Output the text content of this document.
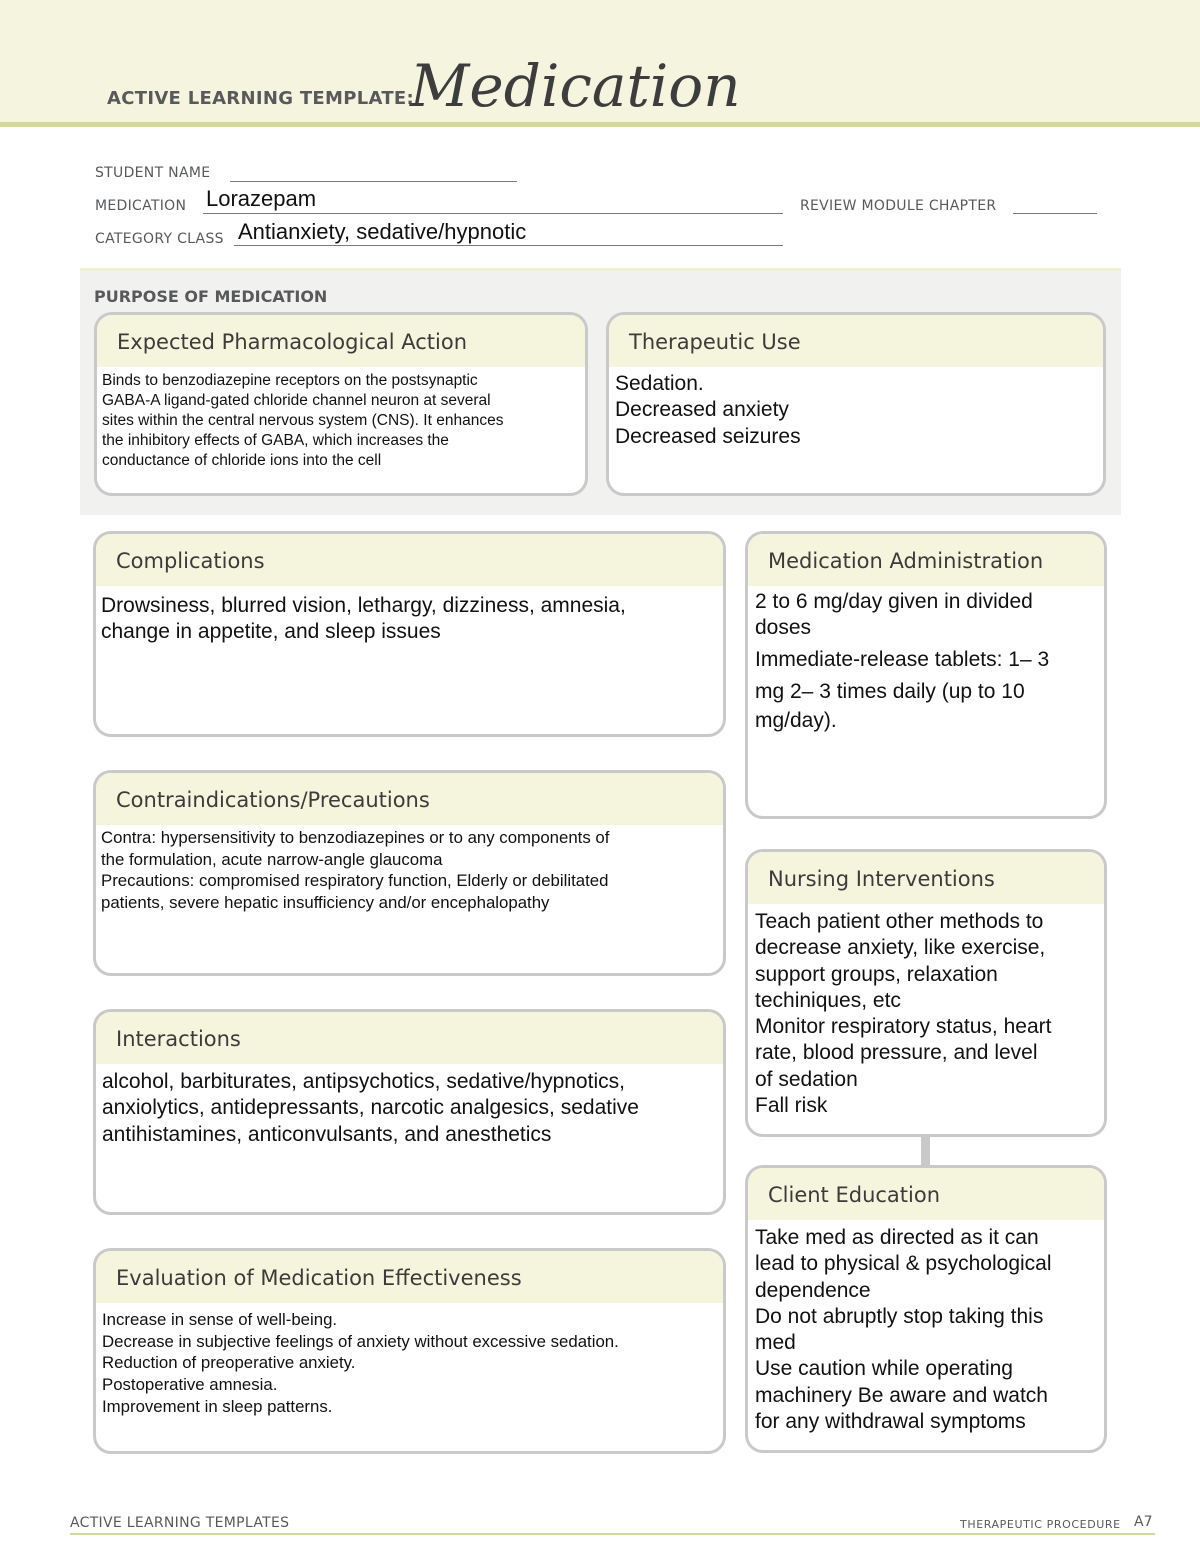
ACTIVE LEARNING TEMPLATE:
Medication
STUDENT NAME
MEDICATION Lorazepam	REVIEW MODULE CHAPTER
CATEGORY CLASS Antianxiety, sedative/hypnotic
PURPOSE OF MEDICATION
Expected Pharmacological Action
Binds to benzodiazepine receptors on the postsynaptic
GABA-A ligand-gated chloride channel neuron at several
sites within the central nervous system (CNS). It enhances
the inhibitory effects of GABA, which increases the
conductance of chloride ions into the cell
Therapeutic Use
Sedation.
Decreased anxiety
Decreased seizures
Complications
Drowsiness, blurred vision, lethargy, dizziness, amnesia,
change in appetite, and sleep issues
Medication Administration
2 to 6 mg/day given in divided
doses
Immediate-release tablets: 1– 3
mg 2– 3 times daily (up to 10
mg/day).
Contraindications/Precautions
Contra: hypersensitivity to benzodiazepines or to any components of
the formulation, acute narrow-angle glaucoma
Precautions: compromised respiratory function, Elderly or debilitated
patients, severe hepatic insufficiency and/or encephalopathy
Nursing Interventions
Teach patient other methods to
decrease anxiety, like exercise,
support groups, relaxation
techiniques, etc
Monitor respiratory status, heart
rate, blood pressure, and level
of sedation
Fall risk
Interactions
alcohol, barbiturates, antipsychotics, sedative/hypnotics,
anxiolytics, antidepressants, narcotic analgesics, sedative
antihistamines, anticonvulsants, and anesthetics
Client Education
Take med as directed as it can
lead to physical & psychological
dependence
Do not abruptly stop taking this
med
Use caution while operating
machinery Be aware and watch
for any withdrawal symptoms
Evaluation of Medication Effectiveness
Increase in sense of well-being.
Decrease in subjective feelings of anxiety without excessive sedation.
Reduction of preoperative anxiety.
Postoperative amnesia.
Improvement in sleep patterns.
ACTIVE LEARNING TEMPLATES	THERAPEUTIC PROCEDURE A7
